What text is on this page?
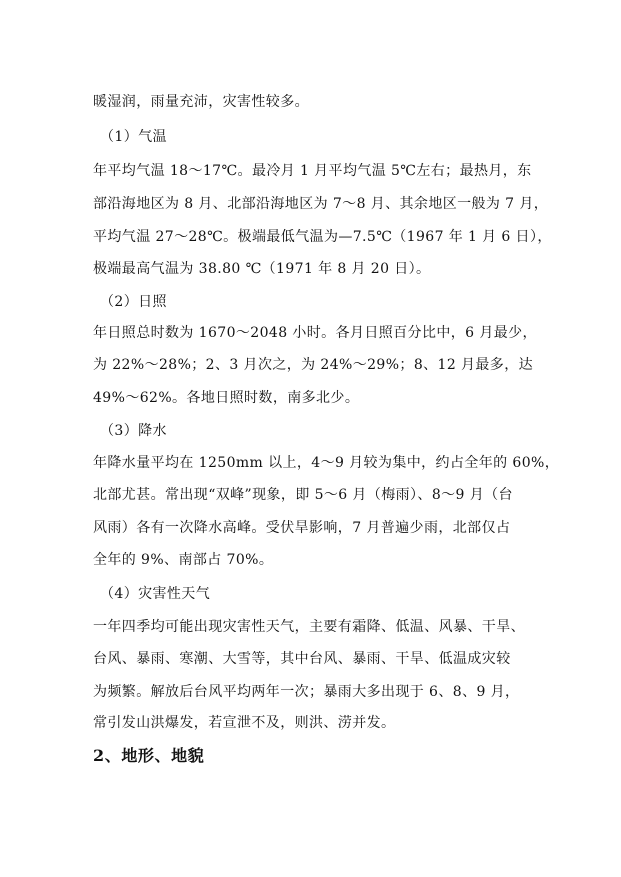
暖湿润，雨量充沛，灾害性较多。
（1）气温
年平均气温 18～17℃。最冷月 1 月平均气温 5℃左右；最热月，东
部沿海地区为 8 月、北部沿海地区为 7～8 月、其余地区一般为 7 月，
平均气温 27～28℃。极端最低气温为—7.5℃（1967 年 1 月 6 日），
极端最高气温为 38.80 ℃（1971 年 8 月 20 日）。
（2）日照
年日照总时数为 1670～2048 小时。各月日照百分比中，6 月最少，
为 22%～28%；2、3 月次之，为 24%～29%；8、12 月最多，达
49%～62%。各地日照时数，南多北少。
（3）降水
年降水量平均在 1250mm 以上，4～9 月较为集中，约占全年的 60%，
北部尤甚。常出现“双峰”现象，即 5～6 月（梅雨）、8～9 月（台
风雨）各有一次降水高峰。受伏旱影响，7 月普遍少雨，北部仅占
全年的 9%、南部占 70%。
（4）灾害性天气
一年四季均可能出现灾害性天气，主要有霜降、低温、风暴、干旱、
台风、暴雨、寒潮、大雪等，其中台风、暴雨、干旱、低温成灾较
为频繁。解放后台风平均两年一次；暴雨大多出现于 6、8、9 月，
常引发山洪爆发，若宣泄不及，则洪、涝并发。
2、地形、地貌
